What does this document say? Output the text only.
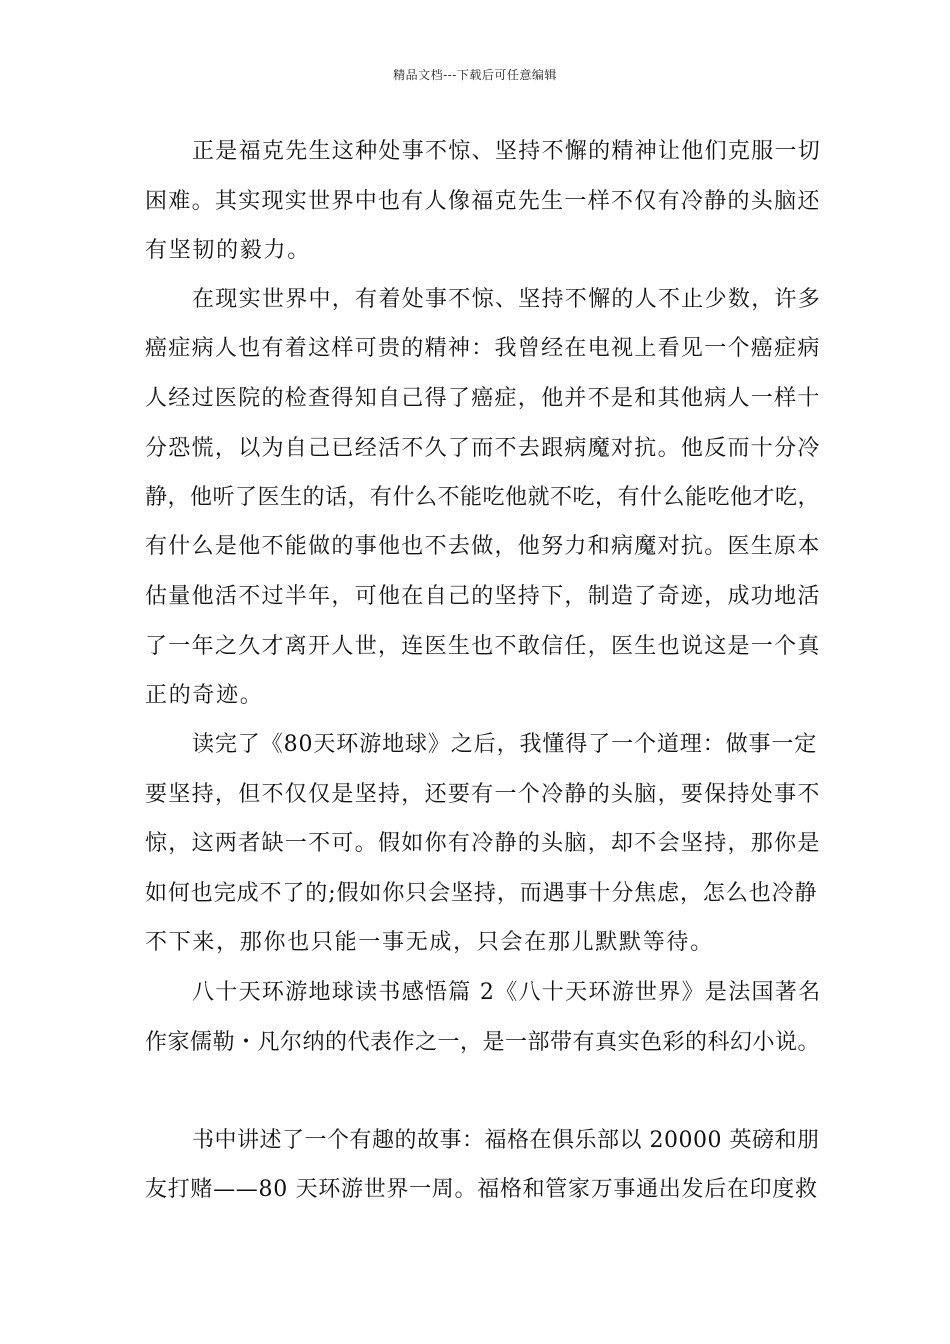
精品文档---下载后可任意编辑
正是福克先生这种处事不惊、坚持不懈的精神让他们克服一切
困难。其实现实世界中也有人像福克先生一样不仅有冷静的头脑还
有坚韧的毅力。
在现实世界中，有着处事不惊、坚持不懈的人不止少数，许多
癌症病人也有着这样可贵的精神：我曾经在电视上看见一个癌症病
人经过医院的检查得知自己得了癌症，他并不是和其他病人一样十
分恐慌，以为自己已经活不久了而不去跟病魔对抗。他反而十分冷
静，他听了医生的话，有什么不能吃他就不吃，有什么能吃他才吃，
有什么是他不能做的事他也不去做，他努力和病魔对抗。医生原本
估量他活不过半年，可他在自己的坚持下，制造了奇迹，成功地活
了一年之久才离开人世，连医生也不敢信任，医生也说这是一个真
正的奇迹。
读完了《80天环游地球》之后，我懂得了一个道理：做事一定
要坚持，但不仅仅是坚持，还要有一个冷静的头脑，要保持处事不
惊，这两者缺一不可。假如你有冷静的头脑，却不会坚持，那你是
如何也完成不了的;假如你只会坚持，而遇事十分焦虑，怎么也冷静
不下来，那你也只能一事无成，只会在那儿默默等待。
八十天环游地球读书感悟篇 2《八十天环游世界》是法国著名
作家儒勒・凡尔纳的代表作之一，是一部带有真实色彩的科幻小说。
书中讲述了一个有趣的故事：福格在俱乐部以 20000 英磅和朋
友打赌——80 天环游世界一周。福格和管家万事通出发后在印度救
